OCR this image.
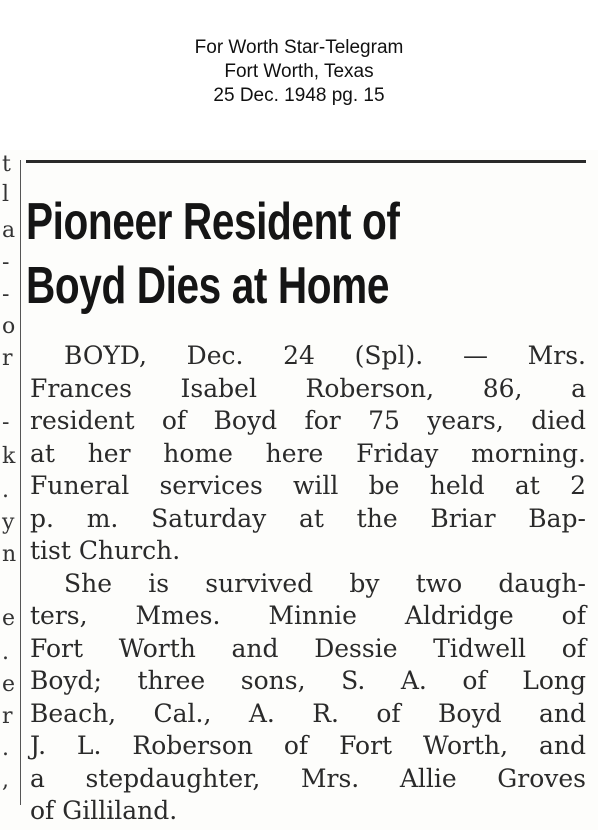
For Worth Star-Telegram
Fort Worth, Texas
25 Dec. 1948 pg. 15
t
l
a
-
-
o
r
-
k
.
y
n
e
.
e
r
.
,
Pioneer Resident of
Boyd Dies at Home
BOYD, Dec. 24 (Spl). — Mrs.
Frances Isabel Roberson, 86, a
resident of Boyd for 75 years, died
at her home here Friday morning.
Funeral services will be held at 2
p. m. Saturday at the Briar Bap-
tist Church.
She is survived by two daugh-
ters, Mmes. Minnie Aldridge of
Fort Worth and Dessie Tidwell of
Boyd; three sons, S. A. of Long
Beach, Cal., A. R. of Boyd and
J. L. Roberson of Fort Worth, and
a stepdaughter, Mrs. Allie Groves
of Gilliland.
